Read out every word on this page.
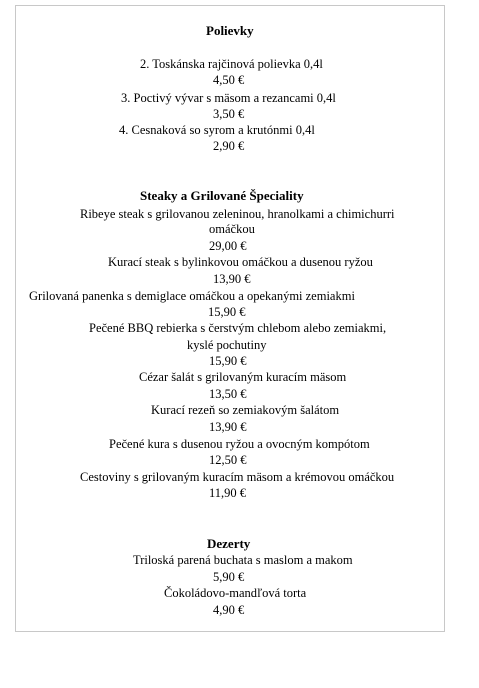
Polievky
2. Toskánska rajčinová polievka 0,4l
4,50 €
3. Poctivý vývar s mäsom a rezancami 0,4l
3,50 €
4. Cesnaková so syrom a krutónmi 0,4l
2,90 €
Steaky a Grilované Špeciality
Ribeye steak s grilovanou zeleninou, hranolkami a chimichurri
omáčkou
29,00 €
Kurací steak s bylinkovou omáčkou a dusenou ryžou
13,90 €
Grilovaná panenka s demiglace omáčkou a opekanými zemiakmi
15,90 €
Pečené BBQ rebierka s čerstvým chlebom alebo zemiakmi,
kyslé pochutiny
15,90 €
Cézar šalát s grilovaným kuracím mäsom
13,50 €
Kurací rezeň so zemiakovým šalátom
13,90 €
Pečené kura s dusenou ryžou a ovocným kompótom
12,50 €
Cestoviny s grilovaným kuracím mäsom a krémovou omáčkou
11,90 €
Dezerty
Triloská parená buchata s maslom a makom
5,90 €
Čokoládovo-mandľová torta
4,90 €
